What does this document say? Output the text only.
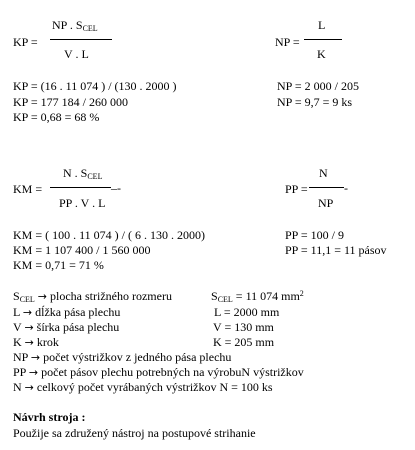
KP =
NP . $S_{CEL}$
V . L
NP =
L
K
KP = (16 . 11 074 ) / (130 . 2000 )
KP = 177 184 / 260 000
KP = 0,68 = 68 %
NP = 2 000 / 205
NP = 9,7 = 9 ks
KM =
N . $S_{CEL}$
–-
PP . V . L
PP =
N
-
NP
KM = ( 100 . 11 074 ) / ( 6 . 130 . 2000)
KM = 1 107 400 / 1 560 000
KM = 0,71 = 71 %
PP = 100 / 9
PP = 11,1 = 11 pásov
$S_{CEL}$ → plocha strižného rozmeru	$S_{CEL} = 11$ 074 $mm^2$
L → dĺžka pása plechu	L = 2000 mm
V → šírka pása plechu	V = 130 mm
K → krok	K = 205 mm
NP → počet výstrižkov z jedného pása plechu
PP → počet pásov plechu potrebných na výrobuN výstrižkov
N → celkový počet vyrábaných výstrižkov N = 100 ks
Návrh stroja :
Použije sa združený nástroj na postupové strihanie
